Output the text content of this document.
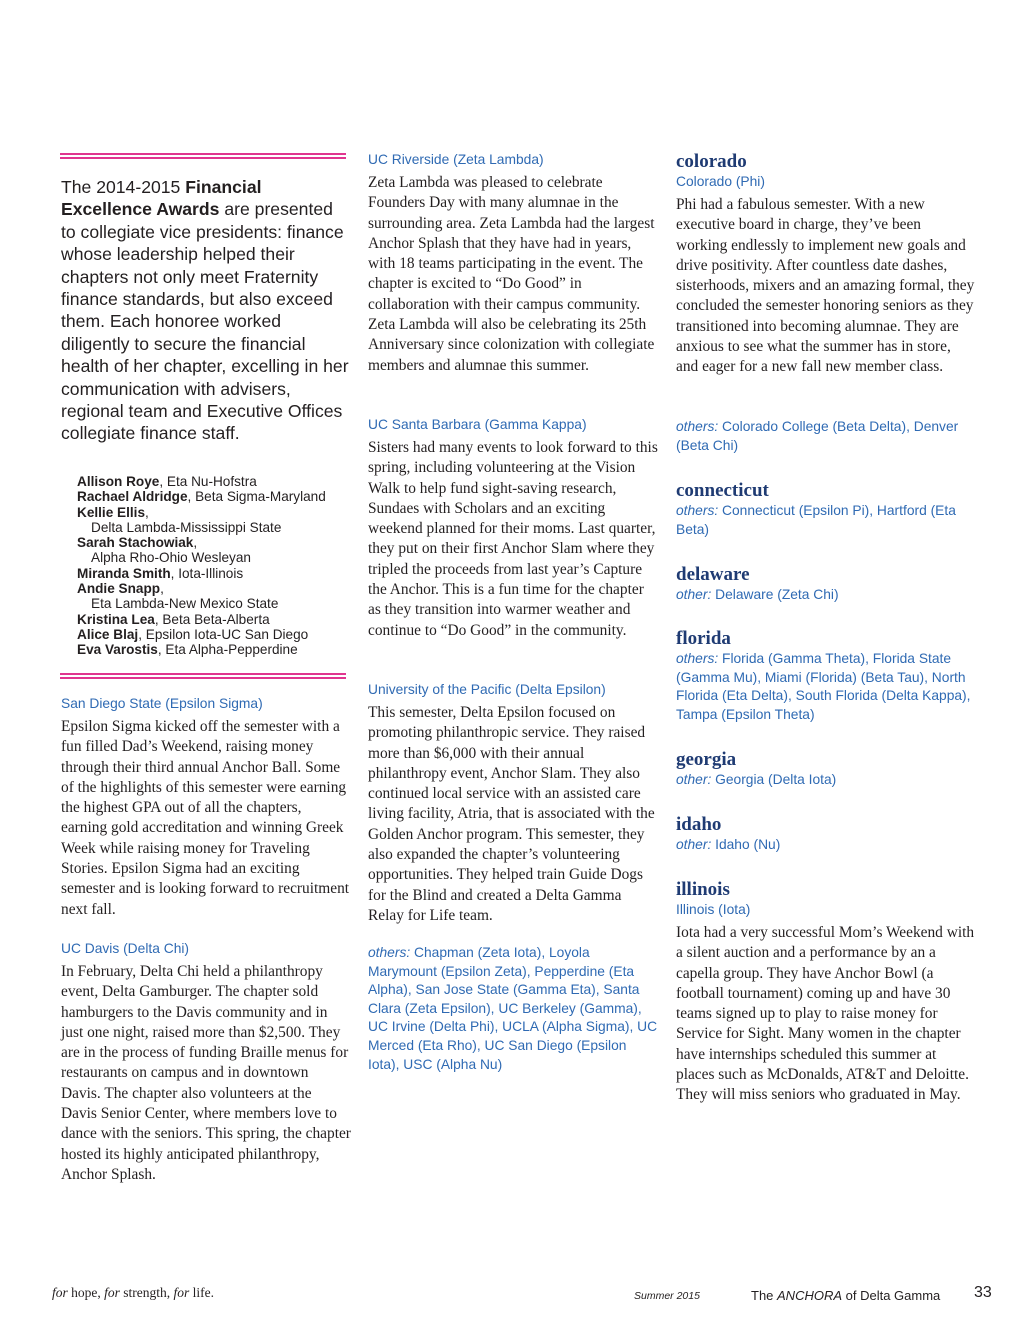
The 2014-2015 Financial Excellence Awards are presented to collegiate vice presidents: finance whose leadership helped their chapters not only meet Fraternity finance standards, but also exceed them. Each honoree worked diligently to secure the financial health of her chapter, excelling in her communication with advisers, regional team and Executive Offices collegiate finance staff.
Allison Roye, Eta Nu-Hofstra
Rachael Aldridge, Beta Sigma-Maryland
Kellie Ellis,
Delta Lambda-Mississippi State
Sarah Stachowiak,
Alpha Rho-Ohio Wesleyan
Miranda Smith, Iota-Illinois
Andie Snapp,
Eta Lambda-New Mexico State
Kristina Lea, Beta Beta-Alberta
Alice Blaj, Epsilon Iota-UC San Diego
Eva Varostis, Eta Alpha-Pepperdine
San Diego State (Epsilon Sigma)
Epsilon Sigma kicked off the semester with a fun filled Dad’s Weekend, raising money through their third annual Anchor Ball. Some of the highlights of this semester were earning the highest GPA out of all the chapters, earning gold accreditation and winning Greek Week while raising money for Traveling Stories. Epsilon Sigma had an exciting semester and is looking forward to recruitment next fall.
UC Davis (Delta Chi)
In February, Delta Chi held a philanthropy event, Delta Gamburger. The chapter sold hamburgers to the Davis community and in just one night, raised more than $2,500. They are in the process of funding Braille menus for restaurants on campus and in downtown Davis. The chapter also volunteers at the Davis Senior Center, where members love to dance with the seniors. This spring, the chapter hosted its highly anticipated philanthropy, Anchor Splash.
UC Riverside (Zeta Lambda)
Zeta Lambda was pleased to celebrate Founders Day with many alumnae in the surrounding area. Zeta Lambda had the largest Anchor Splash that they have had in years, with 18 teams participating in the event. The chapter is excited to “Do Good” in collaboration with their campus community. Zeta Lambda will also be celebrating its 25th Anniversary since colonization with collegiate members and alumnae this summer.
UC Santa Barbara (Gamma Kappa)
Sisters had many events to look forward to this spring, including volunteering at the Vision Walk to help fund sight-saving research, Sundaes with Scholars and an exciting weekend planned for their moms. Last quarter, they put on their first Anchor Slam where they tripled the proceeds from last year’s Capture the Anchor. This is a fun time for the chapter as they transition into warmer weather and continue to “Do Good” in the community.
University of the Pacific (Delta Epsilon)
This semester, Delta Epsilon focused on promoting philanthropic service. They raised more than $6,000 with their annual philanthropy event, Anchor Slam. They also continued local service with an assisted care living facility, Atria, that is associated with the Golden Anchor program. This semester, they also expanded the chapter’s volunteering opportunities. They helped train Guide Dogs for the Blind and created a Delta Gamma Relay for Life team.
others: Chapman (Zeta Iota), Loyola Marymount (Epsilon Zeta), Pepperdine (Eta Alpha), San Jose State (Gamma Eta), Santa Clara (Zeta Epsilon), UC Berkeley (Gamma), UC Irvine (Delta Phi), UCLA (Alpha Sigma), UC Merced (Eta Rho), UC San Diego (Epsilon Iota), USC (Alpha Nu)
colorado
Colorado (Phi)
Phi had a fabulous semester. With a new executive board in charge, they’ve been working endlessly to implement new goals and drive positivity. After countless date dashes, sisterhoods, mixers and an amazing formal, they concluded the semester honoring seniors as they transitioned into becoming alumnae. They are anxious to see what the summer has in store, and eager for a new fall new member class.
others: Colorado College (Beta Delta), Denver (Beta Chi)
connecticut
others: Connecticut (Epsilon Pi), Hartford (Eta Beta)
delaware
other: Delaware (Zeta Chi)
florida
others: Florida (Gamma Theta), Florida State (Gamma Mu), Miami (Florida) (Beta Tau), North Florida (Eta Delta), South Florida (Delta Kappa), Tampa (Epsilon Theta)
georgia
other: Georgia (Delta Iota)
idaho
other: Idaho (Nu)
illinois
Illinois (Iota)
Iota had a very successful Mom’s Weekend with a silent auction and a performance by an a capella group. They have Anchor Bowl (a football tournament) coming up and have 30 teams signed up to play to raise money for Service for Sight. Many women in the chapter have internships scheduled this summer at places such as McDonalds, AT&T and Deloitte. They will miss seniors who graduated in May.
for hope, for strength, for life.	Summer 2015	The ANCHORA of Delta Gamma 33
